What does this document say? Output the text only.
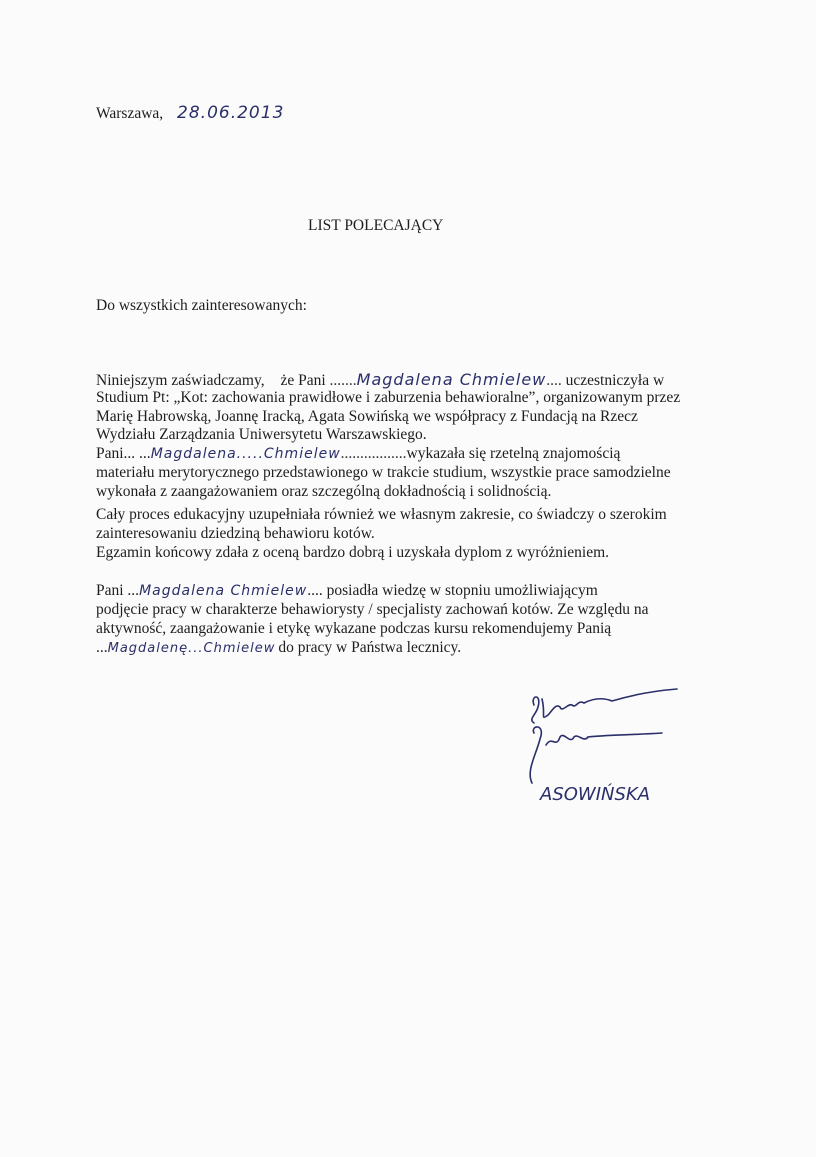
Warszawa, 28.06.2013
LIST POLECAJĄCY
Do wszystkich zainteresowanych:
Niniejszym zaświadczamy, że Pani .......Magdalena Chmielew.... uczestniczyła w
Studium Pt: „Kot: zachowania prawidłowe i zaburzenia behawioralne”, organizowanym przez
Marię Habrowską, Joannę Iracką, Agata Sowińską we współpracy z Fundacją na Rzecz
Wydziału Zarządzania Uniwersytetu Warszawskiego.
Pani... ...Magdalena.....Chmielew.................wykazała się rzetelną znajomością
materiału merytorycznego przedstawionego w trakcie studium, wszystkie prace samodzielne
wykonała z zaangażowaniem oraz szczególną dokładnością i solidnością.
Cały proces edukacyjny uzupełniała również we własnym zakresie, co świadczy o szerokim
zainteresowaniu dziedziną behawioru kotów.
Egzamin końcowy zdała z oceną bardzo dobrą i uzyskała dyplom z wyróżnieniem.
Pani ...Magdalena Chmielew.... posiadła wiedzę w stopniu umożliwiającym
podjęcie pracy w charakterze behawiorysty / specjalisty zachowań kotów. Ze względu na
aktywność, zaangażowanie i etykę wykazane podczas kursu rekomendujemy Panią
...Magdalenę...Chmielew do pracy w Państwa lecznicy.
ASOWIŃSKA
